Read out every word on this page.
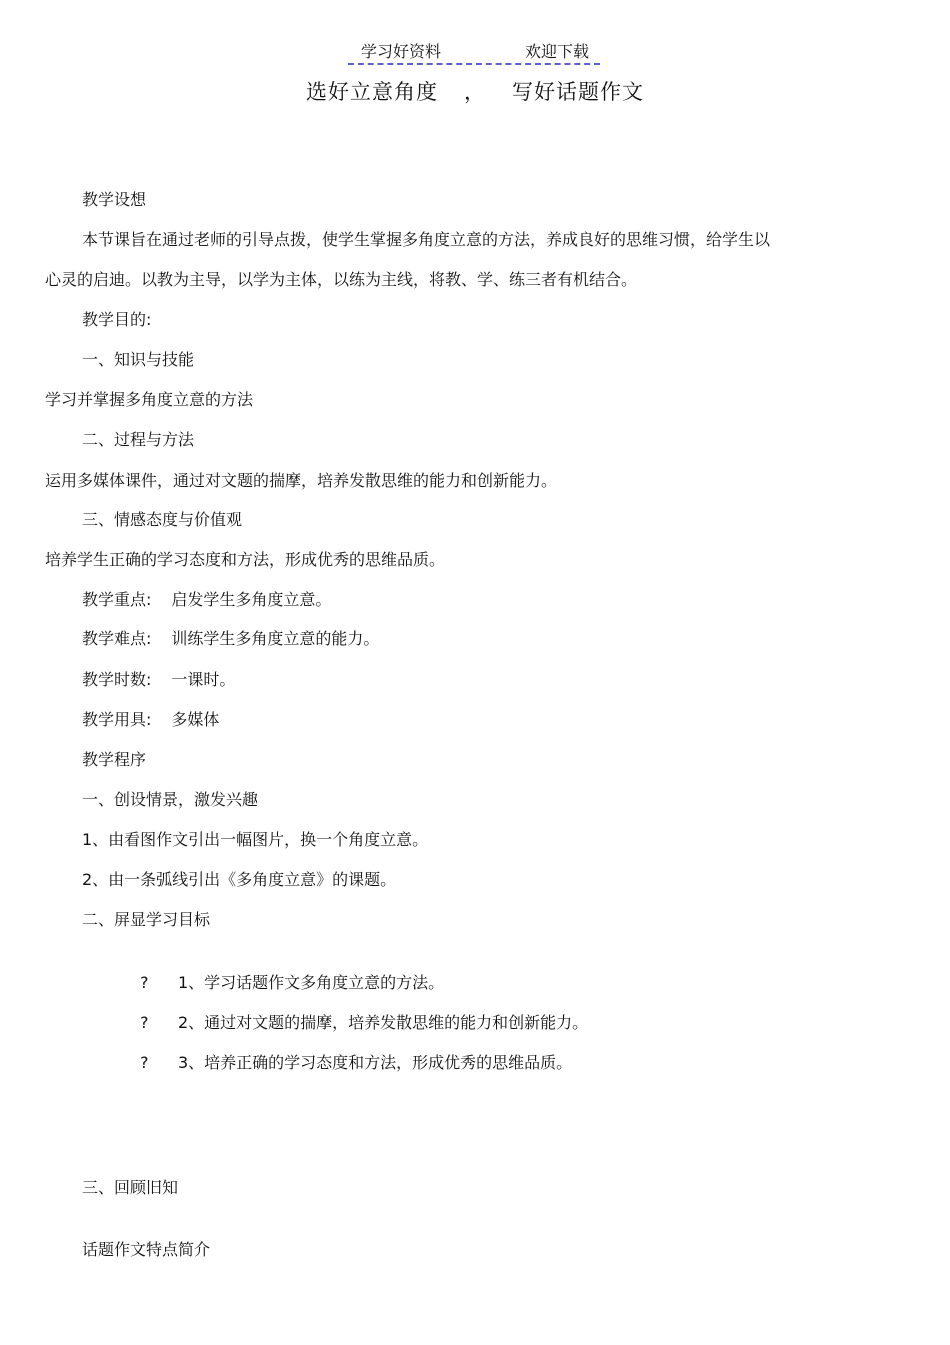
学习好资料	欢迎下载
选好立意角度 ， 写好话题作文
教学设想
本节课旨在通过老师的引导点拨，使学生掌握多角度立意的方法，养成良好的思维习惯，给学生以
心灵的启迪。以教为主导，以学为主体，以练为主线，将教、学、练三者有机结合。
教学目的:
一、知识与技能
学习并掌握多角度立意的方法
二、过程与方法
运用多媒体课件，通过对文题的揣摩，培养发散思维的能力和创新能力。
三、情感态度与价值观
培养学生正确的学习态度和方法，形成优秀的思维品质。
教学重点: 启发学生多角度立意。
教学难点: 训练学生多角度立意的能力。
教学时数: 一课时。
教学用具: 多媒体
教学程序
一、创设情景，激发兴趣
1、由看图作文引出一幅图片，换一个角度立意。
2、由一条弧线引出《多角度立意》的课题。
二、屏显学习目标
? 1、学习话题作文多角度立意的方法。
? 2、通过对文题的揣摩，培养发散思维的能力和创新能力。
? 3、培养正确的学习态度和方法，形成优秀的思维品质。
三、回顾旧知
话题作文特点简介
